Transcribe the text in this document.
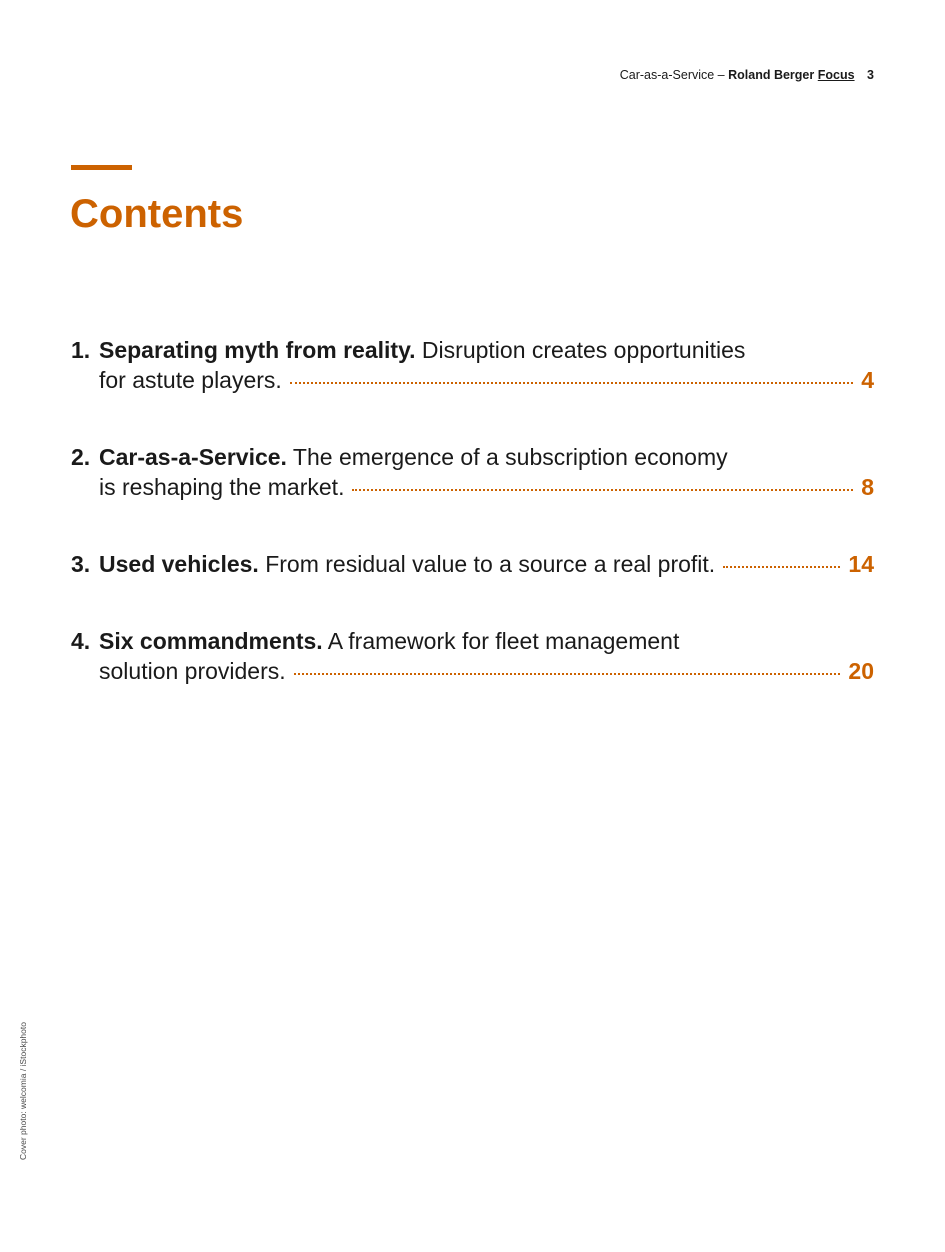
Car-as-a-Service – Roland Berger Focus 3
Contents
1. Separating myth from reality. Disruption creates opportunities
for astute players.	4
2. Car-as-a-Service. The emergence of a subscription economy
is reshaping the market.	8
3. Used vehicles. From residual value to a source a real profit.	14
4. Six commandments. A framework for fleet management
solution providers.	20
Cover photo: welcomia / iStockphoto
